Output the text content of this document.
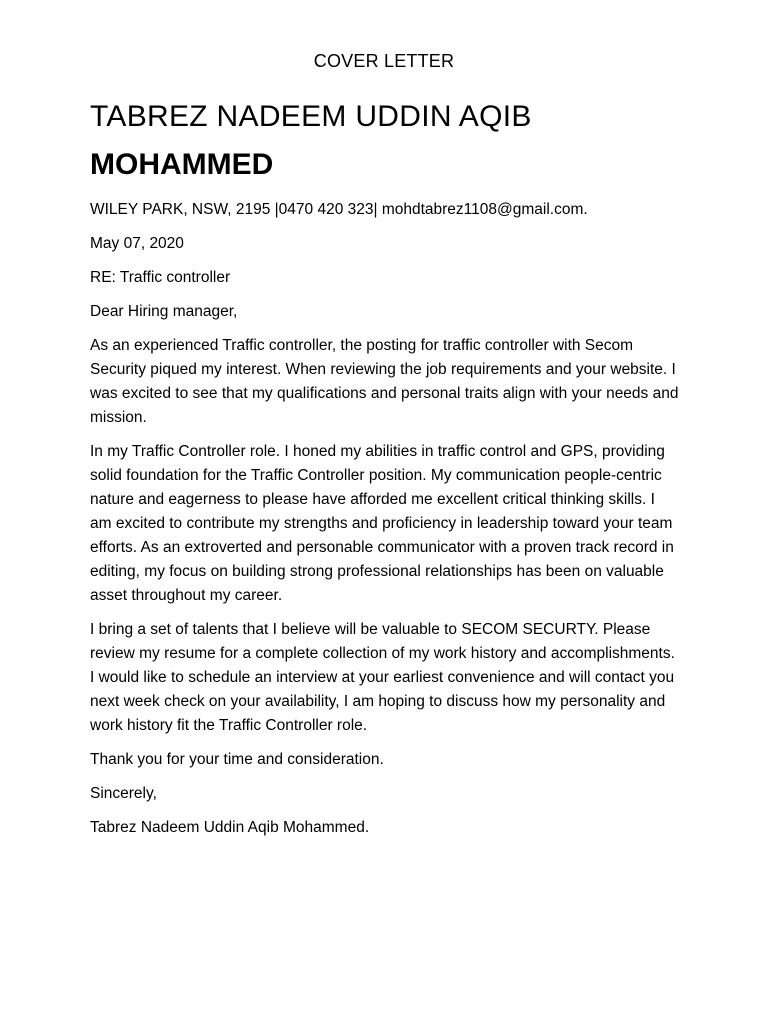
COVER LETTER
TABREZ NADEEM UDDIN AQIB
MOHAMMED

WILEY PARK, NSW, 2195 |0470 420 323| mohdtabrez1108@gmail.com.

May 07, 2020

RE: Traffic controller

Dear Hiring manager,

As an experienced Traffic controller, the posting for traffic controller with Secom Security piqued my interest. When reviewing the job requirements and your website. I was excited to see that my qualifications and personal traits align with your needs and mission.

In my Traffic Controller role. I honed my abilities in traffic control and GPS, providing solid foundation for the Traffic Controller position. My communication people-centric nature and eagerness to please have afforded me excellent critical thinking skills. I am excited to contribute my strengths and proficiency in leadership toward your team efforts. As an extroverted and personable communicator with a proven track record in editing, my focus on building strong professional relationships has been on valuable asset throughout my career.

I bring a set of talents that I believe will be valuable to SECOM SECURTY. Please review my resume for a complete collection of my work history and accomplishments. I would like to schedule an interview at your earliest convenience and will contact you next week check on your availability, I am hoping to discuss how my personality and work history fit the Traffic Controller role.

Thank you for your time and consideration.

Sincerely,

Tabrez Nadeem Uddin Aqib Mohammed.
